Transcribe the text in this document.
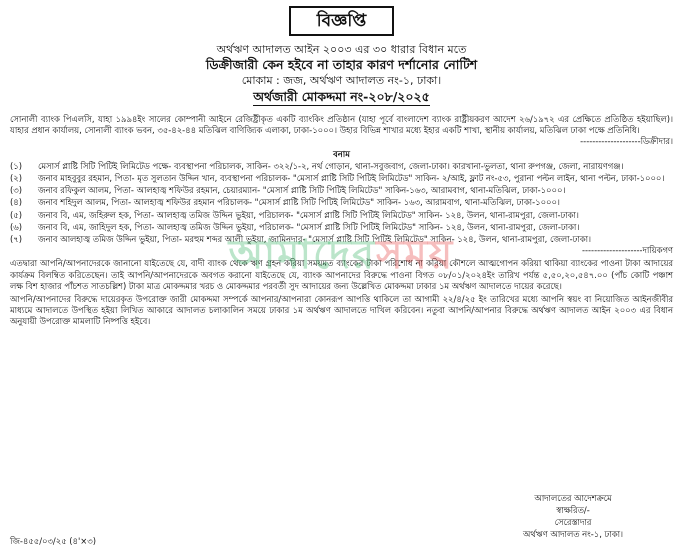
বিজ্ঞপ্তি
অর্থঋণ আদালত আইন ২০০৩ এর ৩০ ধারার বিধান মতে
ডিক্রীজারী কেন হইবে না তাহার কারণ দর্শানোর নোটিশ
মোকাম : জজ, অর্থঋণ আদালত নং-১, ঢাকা।
অর্থজারী মোকদ্দমা নং-২০৮/২০২৫
সোনালী ব্যাংক পিএলসি, যাহা ১৯৯৪ইং সালের কোম্পানী আইনে রেজিষ্ট্রীকৃত একটি ব্যাংকিং প্রতিষ্ঠান (যাহা পূর্বে বাংলাদেশ ব্যাংক রাষ্ট্রীয়করণ আদেশ ২৬/১৯৭২ এর প্রেক্ষিতে প্রতিষ্ঠিত হইয়াছিল)। যাহার প্রধান কার্যালয়, সোনালী ব্যাংক ভবন, ৩৫-৪২-৪৪ মতিঝিল বাণিজ্যিক এলাকা, ঢাকা-১০০০। উহার বিভিন্ন শাখার মধ্যে ইহার একটি শাখা, স্থানীয় কার্যালয়, মতিঝিল ঢাকা পক্ষে প্রতিনিধি।
--------------------ডিক্রীদার।
বনাম
(১)	মেসার্স প্লাষ্টি সিটি পিটিই লিমিটেড পক্ষে- ব্যবস্থাপনা পরিচালক, সাকিন- ৩২২/১-২, নর্থ গোড়ান, থানা-সবুজবাগ, জেলা-ঢাকা। কারখানা-ভুলতা, থানা রুপগঞ্জ, জেলা, নারায়ণগঞ্জ।
(২)	জনাব মাহবুবুর রহমান, পিতা- মৃত সুলতান উদ্দিন খান, ব্যবস্থাপনা পরিচালক- "মেসার্স প্লাষ্টি সিটি পিটিই লিমিটেড" সাকিন- ২/আই, ফ্লাট নং-৫৩, পুরানা পল্টন লাইন, থানা পল্টন, ঢাকা-১০০০।
(৩)	জনাব রফিকুল আলম, পিতা- আলহাজ্ব শফিউর রহমান, চেয়ারম্যান- "মেসার্স প্লাষ্টি সিটি পিটিই লিমিটেড" সাকিন-১৬৩, আরামবাগ, থানা-মতিঝিল, ঢাকা-১০০০।
(৪)	জনাব শহিদুল আলম, পিতা- আলহাজ্ব শফিউর রহমান পরিচালক- "মেসার্স প্লাষ্টি সিটি পিটিই লিমিটেড" সাকিন- ১৬৩, আরামবাগ, থানা-মতিঝিল, ঢাকা-১০০০।
(৫)	জনাব বি, এম, জহিরুল হক, পিতা- আলহাজ্ব তমিজ উদ্দিন ভুইয়া, পরিচালক- "মেসার্স প্লাষ্টি সিটি পিটিই লিমিটেড" সাকিন- ১২৪, উলন, থানা-রামপুরা, জেলা-ঢাকা।
(৬)	জনাব বি, এম, জাহিদুল হক, পিতা- আলহাজ্ব তমিজ উদ্দিন ভুইয়া, পরিচালক- "মেসার্স প্লাষ্টি সিটি পিটিই লিমিটেড" সাকিন- ১২৪, উলন, থানা-রামপুরা, জেলা-ঢাকা।
(৭)	জনাব আলহাজ্ব তমিজ উদ্দিন ভুইয়া, পিতা- মরহুম শব্দর আলী ভুইয়া, জামিনদার- "মেসার্স প্লাষ্টি সিটি পিটিই লিমিটেড" সাকিন- ১২৪, উলন, থানা-রামপুরা, জেলা-ঢাকা।
--------------------দায়িকগণ
এতদ্বারা আপনি/আপনাদেরকে জানানো যাইতেছে যে, বাদী ব্যাংক থেকে ঋণ গ্রহন করিয়া সময়মত ব্যাংকের টাকা পরিশোধ না করিয়া কৌশলে আত্মগোপন করিয়া থাকিয়া ব্যাংকের পাওনা টাকা আদায়ের কার্যক্রম বিলম্বিত করিতেছেন। তাই আপনি/আপনাদেরকে অবগত করানো যাইতেছে যে, ব্যাংক আপনাদের বিরুদ্ধে পাওনা বিগত ০৮/০১/২০২৪ইং তারিখ পর্যন্ত ৫,৫০,২০,৫৪৭.০০ (পাঁচ কোটি পঞ্চাশ লক্ষ বিশ হাজার পাঁচশত সাতচল্লিশ) টাকা মাত্র মোকদ্দমার খরচ ও মোকদ্দমার পরবর্তী সুদ আদায়ের জন্য উল্লেখিত মোকদ্দমা ঢাকার ১ম অর্থঋণ আদালতে দায়ের করেছে।
আপনি/আপনাদের বিরুদ্ধে দায়েরকৃত উপরোক্ত জারী মোকদ্দমা সম্পর্কে আপনার/আপনারা কোনরূপ আপত্তি থাকিলে তা আগামী ২২/৪/২৫ ইং তারিখের মধ্যে আপনি স্বয়ং বা নিয়োজিত আইনজীবীর মাধ্যমে আদালতে উপস্থিত হইয়া লিখিত আকারে আদালত চলাকালিন সময়ে ঢাকার ১ম অর্থঋণ আদালতে দাখিল করিবেন। নতুবা আপনি/আপনার বিরুদ্ধে অর্থঋণ আদালত আইন ২০০৩ এর বিধান অনুযায়ী উপরোক্ত মামলাটি নিষ্পত্তি হইবে।
আমাদেরসময়
আদালতের আদেশক্রমে
স্বাক্ষরিত/-
সেরেস্তাদার
অর্থঋণ আদালত নং-১, ঢাকা।
জি-৪৫৫/০৩/২৫ (৪'×৩)
